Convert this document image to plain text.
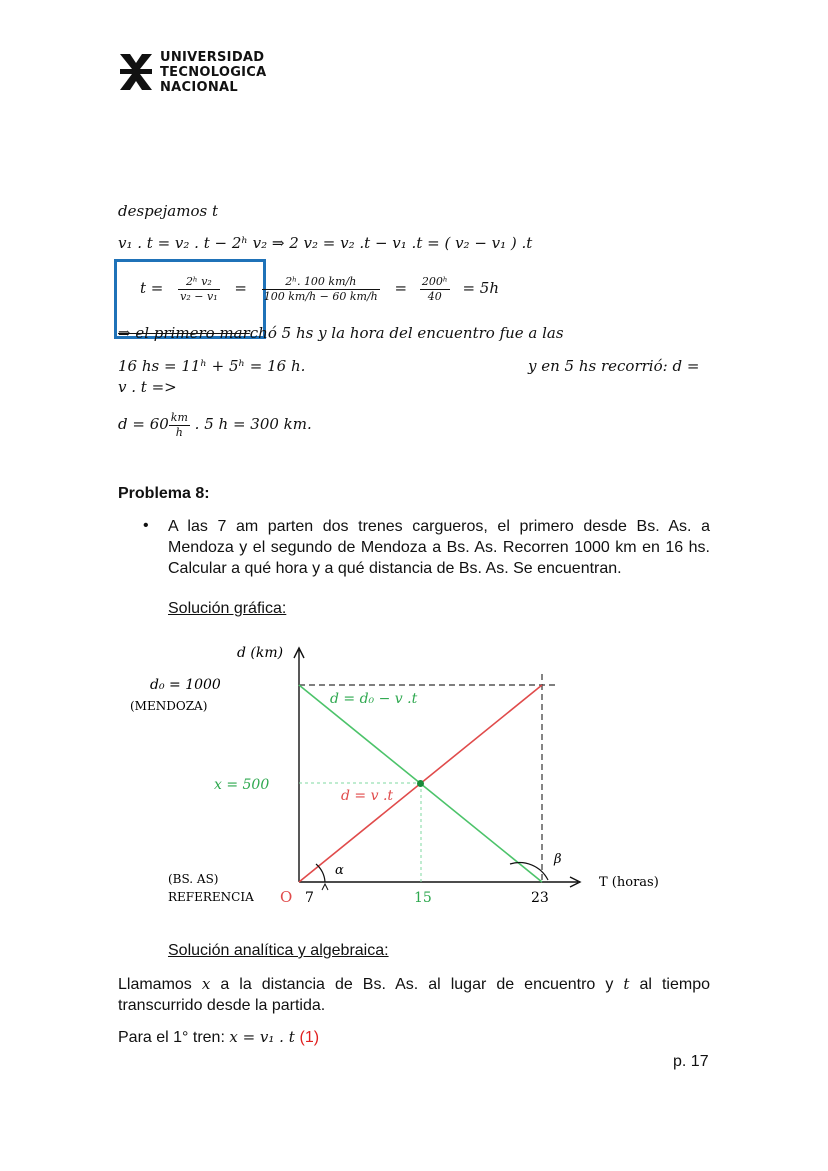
UNIVERSIDAD
TECNOLOGICA
NACIONAL
despejamos t
v₁ . t = v₂ . t − 2ʰ v₂ ⇒ 2 v₂ = v₂ .t − v₁ .t = ( v₂ − v₁ ) .t
$t = \frac{\text{2ʰ v₂}}{\text{v₂ − v₁}} = \frac{\text{2ʰ. 100 km/h}}{100 km/h - 60 km/h} = \frac{\text{200ʰ}}{40} = 5h$
⇒ el primero marchó 5 hs y la hora del encuentro fue a las
16 hs = 11ʰ + 5ʰ = 16 h.	y en 5 hs recorrió: d =
v . t =>
$d = 60 \frac{km}{h}$ . 5 h = 300 km.
Problema 8:
• A las 7 am parten dos trenes cargueros, el primero desde Bs. As. a Mendoza y el segundo de Mendoza a Bs. As. Recorren 1000 km en 16 hs. Calcular a qué hora y a qué distancia de Bs. As. Se encuentran.
Solución gráfica:
d (km)
d₀ = 1000
(MENDOZA)
x = 500
(BS. AS)
REFERENCIA
d = d₀ − v .t
d = v .t
α
β
O 7	15	23
T (horas)
Solución analítica y algebraica:
Llamamos x a la distancia de Bs. As. al lugar de encuentro y t al tiempo transcurrido desde la partida.
Para el 1° tren: x = v₁ . t (1)
p. 17
